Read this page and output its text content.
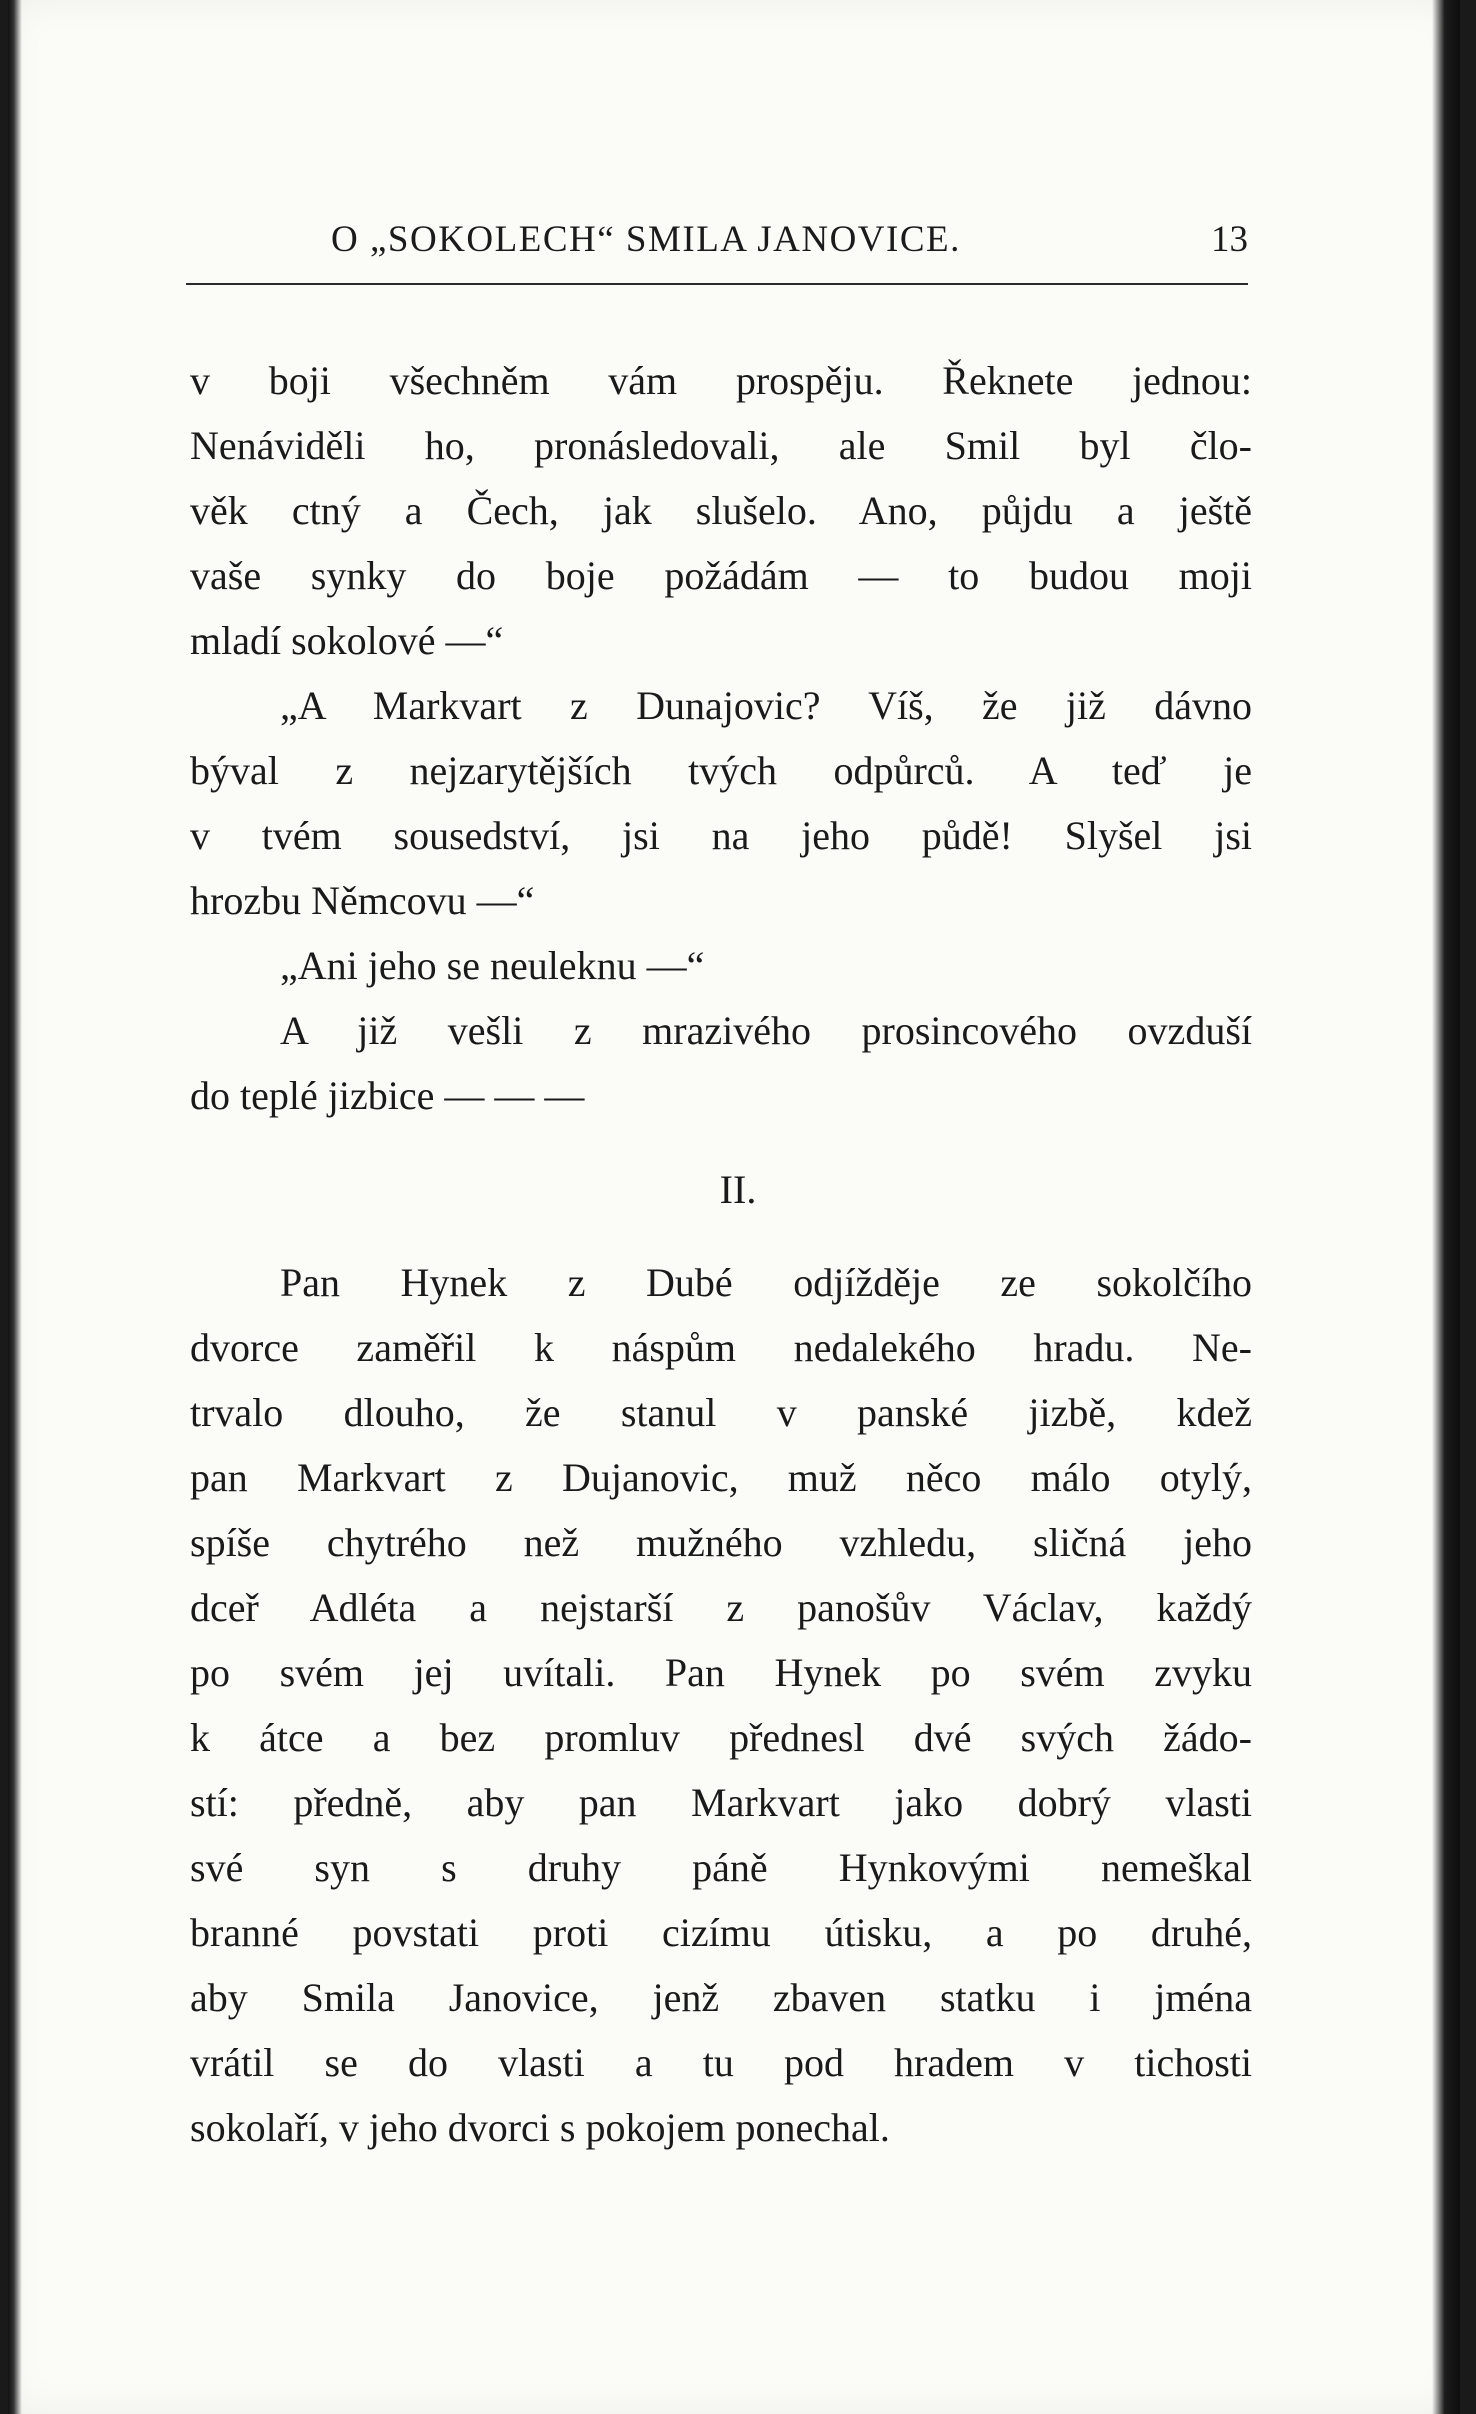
O „SOKOLECH“ SMILA JANOVICE.	13
v boji všechněm vám prospěju. Řeknete jednou:
Nenáviděli ho, pronásledovali, ale Smil byl člo-
věk ctný a Čech, jak slušelo. Ano, půjdu a ještě
vaše synky do boje požádám — to budou moji
mladí sokolové —“
„A Markvart z Dunajovic? Víš, že již dávno
býval z nejzarytějších tvých odpůrců. A teď je
v tvém sousedství, jsi na jeho půdě! Slyšel jsi
hrozbu Němcovu —“
„Ani jeho se neuleknu —“
A již vešli z mrazivého prosincového ovzduší
do teplé jizbice — — —
II.
Pan Hynek z Dubé odjížděje ze sokolčího
dvorce zaměřil k náspům nedalekého hradu. Ne-
trvalo dlouho, že stanul v panské jizbě, kdež
pan Markvart z Dujanovic, muž něco málo otylý,
spíše chytrého než mužného vzhledu, sličná jeho
dceř Adléta a nejstarší z panošův Václav, každý
po svém jej uvítali. Pan Hynek po svém zvyku
k átce a bez promluv přednesl dvé svých žádo-
stí: předně, aby pan Markvart jako dobrý vlasti
své syn s druhy páně Hynkovými nemeškal
branné povstati proti cizímu útisku, a po druhé,
aby Smila Janovice, jenž zbaven statku i jména
vrátil se do vlasti a tu pod hradem v tichosti
sokolaří, v jeho dvorci s pokojem ponechal.
